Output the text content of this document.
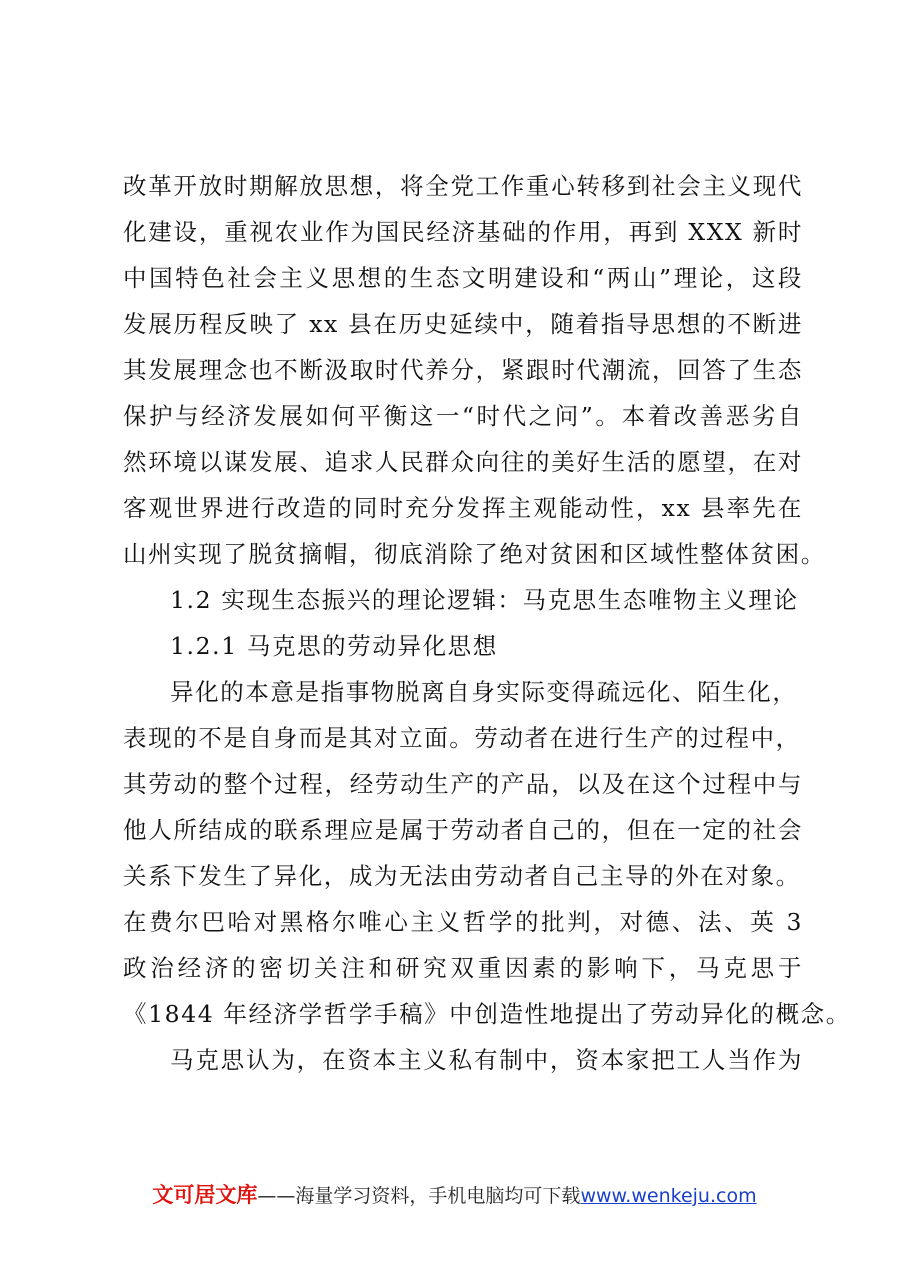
改革开放时期解放思想，将全党工作重心转移到社会主义现代
化建设，重视农业作为国民经济基础的作用，再到 XXX 新时
中国特色社会主义思想的生态文明建设和“两山”理论，这段
发展历程反映了 xx 县在历史延续中，随着指导思想的不断进
其发展理念也不断汲取时代养分，紧跟时代潮流，回答了生态
保护与经济发展如何平衡这一“时代之问”。本着改善恶劣自
然环境以谋发展、追求人民群众向往的美好生活的愿望，在对
客观世界进行改造的同时充分发挥主观能动性，xx 县率先在
山州实现了脱贫摘帽，彻底消除了绝对贫困和区域性整体贫困。
1.2 实现生态振兴的理论逻辑：马克思生态唯物主义理论
1.2.1 马克思的劳动异化思想
异化的本意是指事物脱离自身实际变得疏远化、陌生化，
表现的不是自身而是其对立面。劳动者在进行生产的过程中，
其劳动的整个过程，经劳动生产的产品，以及在这个过程中与
他人所结成的联系理应是属于劳动者自己的，但在一定的社会
关系下发生了异化，成为无法由劳动者自己主导的外在对象。
在费尔巴哈对黑格尔唯心主义哲学的批判，对德、法、英 3
政治经济的密切关注和研究双重因素的影响下，马克思于
《1844 年经济学哲学手稿》中创造性地提出了劳动异化的概念。
马克思认为，在资本主义私有制中，资本家把工人当作为
文可居文库——海量学习资料，手机电脑均可下载www.wenkeju.com
